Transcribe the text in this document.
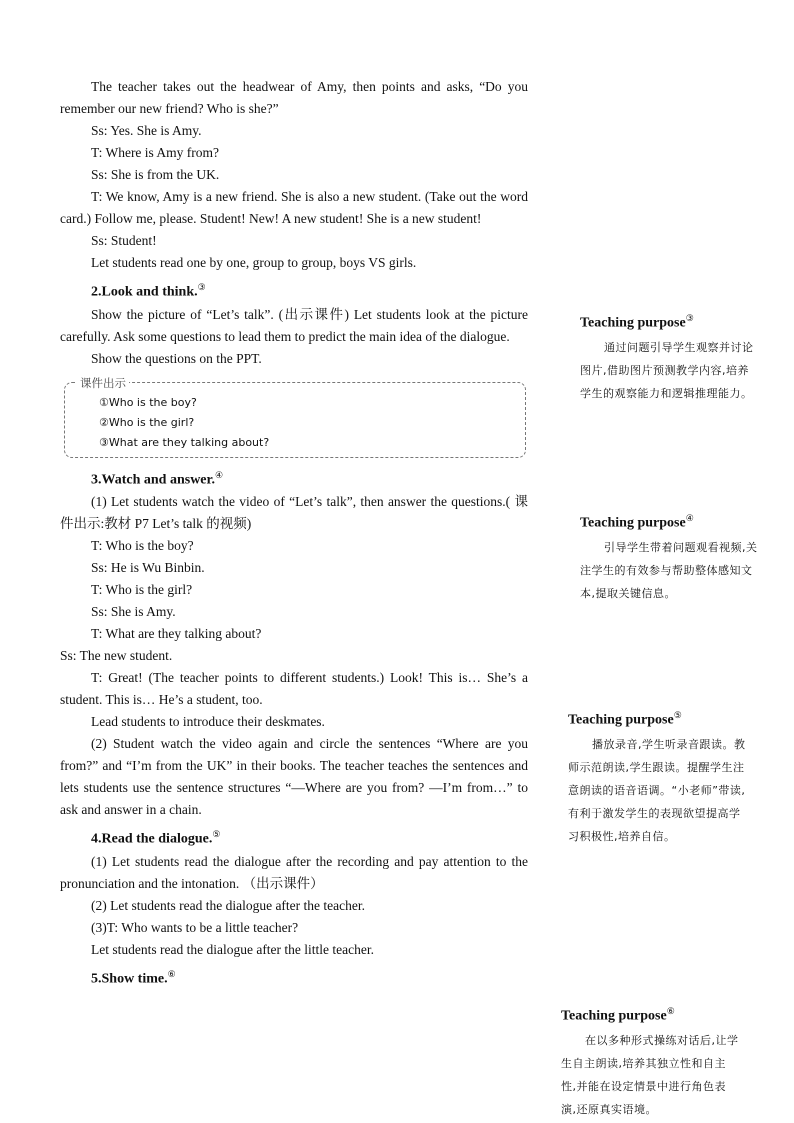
The teacher takes out the headwear of Amy, then points and asks, “Do you remember our new friend? Who is she?”

Ss: Yes. She is Amy.

T: Where is Amy from?

Ss: She is from the UK.

T: We know, Amy is a new friend. She is also a new student. (Take out the word card.) Follow me, please. Student! New! A new student! She is a new student!

Ss: Student!

Let students read one by one, group to group, boys VS girls.

2.Look and think.③

Show the picture of “Let’s talk”. (出示课件) Let students look at the picture carefully. Ask some questions to lead them to predict the main idea of the dialogue.

Show the questions on the PPT.

课件出示
①Who is the boy?
②Who is the girl?
③What are they talking about?

3.Watch and answer.④

(1) Let students watch the video of “Let’s talk”, then answer the questions.( 课件出示:教材 P7 Let’s talk 的视频)

T: Who is the boy?

Ss: He is Wu Binbin.

T: Who is the girl?

Ss: She is Amy.

T: What are they talking about?

Ss: The new student.

T: Great! (The teacher points to different students.) Look! This is… She’s a student. This is… He’s a student, too.

Lead students to introduce their deskmates.

(2) Student watch the video again and circle the sentences “Where are you from?” and “I’m from the UK” in their books. The teacher teaches the sentences and lets students use the sentence structures “—Where are you from? —I’m from…” to ask and answer in a chain.

4.Read the dialogue.⑤

(1) Let students read the dialogue after the recording and pay attention to the pronunciation and the intonation. （出示课件）

(2) Let students read the dialogue after the teacher.

(3)T: Who wants to be a little teacher?

Let students read the dialogue after the little teacher.

5.Show time.⑥

Teaching purpose③
通过问题引导学生观察并讨论图片,借助图片预测教学内容,培养学生的观察能力和逻辑推理能力。
Teaching purpose④
引导学生带着问题观看视频,关注学生的有效参与帮助整体感知文本,提取关键信息。
Teaching purpose⑤
播放录音,学生听录音跟读。教师示范朗读,学生跟读。提醒学生注意朗读的语音语调。“小老师”带读,有利于激发学生的表现欲望提高学习积极性,培养自信。
Teaching purpose⑥
在以多种形式操练对话后,让学生自主朗读,培养其独立性和自主性,并能在设定情景中进行角色表演,还原真实语境。
